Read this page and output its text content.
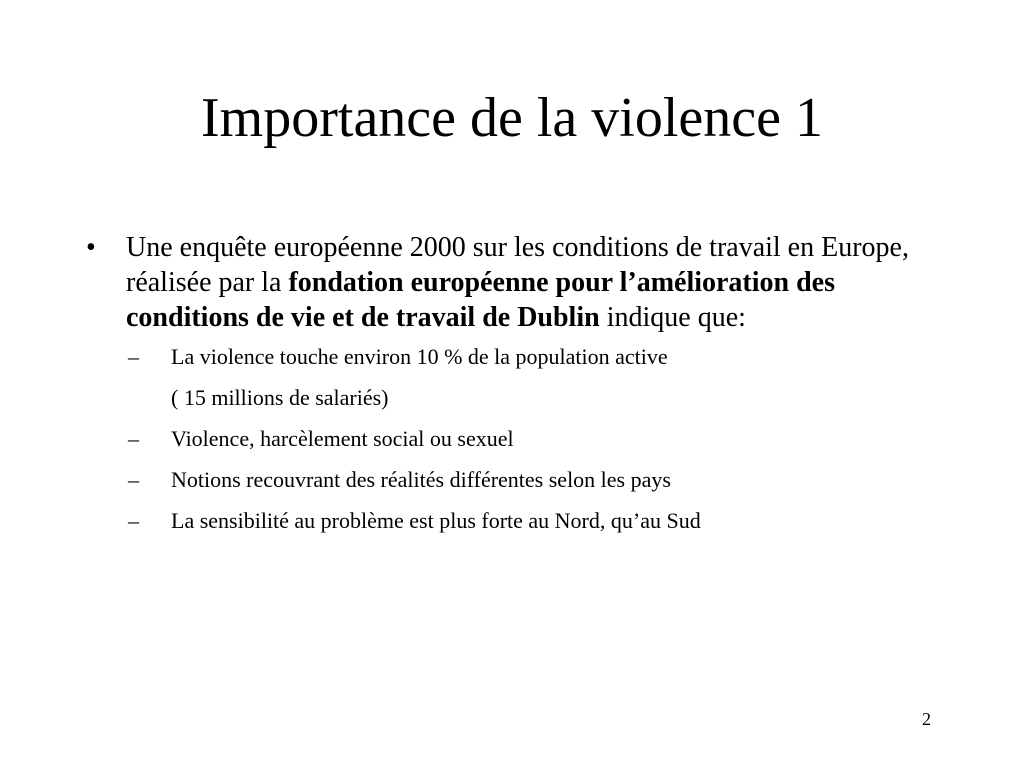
Importance de la violence 1
• Une enquête européenne 2000 sur les conditions de travail en Europe, réalisée par la fondation européenne pour l’amélioration des conditions de vie et de travail de Dublin indique que:
– La violence touche environ 10 % de la population active
( 15 millions de salariés)
– Violence, harcèlement social ou sexuel
– Notions recouvrant des réalités différentes selon les pays
– La sensibilité au problème est plus forte au Nord, qu’au Sud
2
